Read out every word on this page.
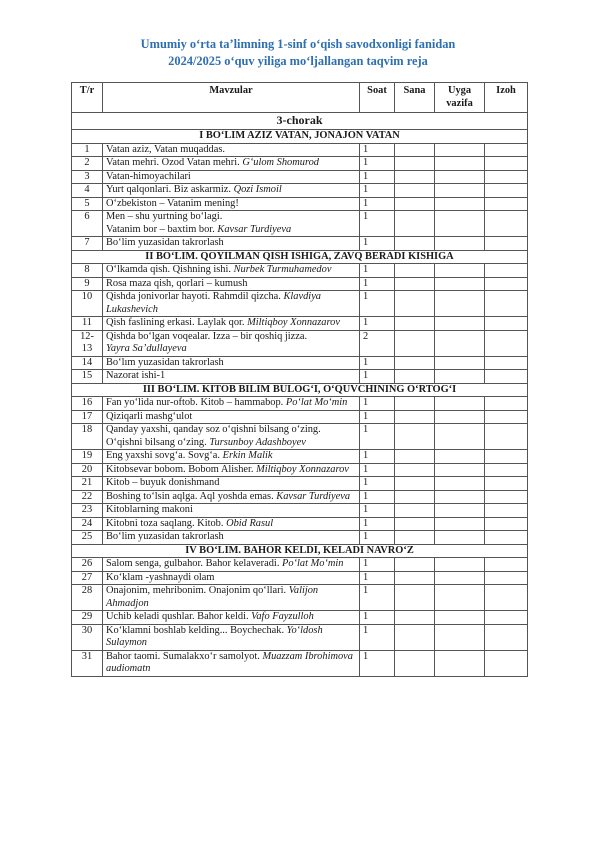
Umumiy oʻrta taʼlimning 1-sinf oʻqish savodxonligi fanidan
2024/2025 oʻquv yiliga moʻljallangan taqvim reja
T/r	Mavzular	Soat	Sana	Uyga vazifa	Izoh
3-chorak					
I BOʻLIM AZIZ VATAN, JONAJON VATAN					
1	Vatan aziz, Vatan muqaddas.	1			
2	Vatan mehri. Ozod Vatan mehri. Gʻulom Shomurod	1			
3	Vatan-himoyachilari	1			
4	Yurt qalqonlari. Biz askarmiz. Qozi Ismoil	1			
5	Oʻzbekiston – Vatanim mening!	1			
6	Men – shu yurtning boʻlagi.
Vatanim bor – baxtim bor. Kavsar Turdiyeva	1			
7	Boʻlim yuzasidan takrorlash	1			
II BOʻLIM. QOYILMAN QISH ISHIGA, ZAVQ BERADI KISHIGA					
8	Oʻlkamda qish. Qishning ishi. Nurbek Turmuhamedov	1			
9	Rosa maza qish, qorlari – kumush	1			
10	Qishda jonivorlar hayoti. Rahmdil qizcha. Klavdiya Lukashevich	1			
11	Qish faslining erkasi. Laylak qor. Miltiqboy Xonnazarov	1			
12-13	Qishda boʻlgan voqealar. Izza – bir qoshiq jizza.
Yayra Saʼdullayeva	2			
14	Boʻlım yuzasidan takrorlash	1			
15	Nazorat ishi-1	1			
III BOʻLIM. KITOB BILIM BULOGʻI, OʻQUVCHINING OʻRTOGʻI					
16	Fan yoʻlida nur-oftob. Kitob – hammabop. Poʻlat Moʻmin	1			
17	Qiziqarli mashgʻulot	1			
18	Qanday yaxshi, qanday soz oʻqishni bilsang oʻzing.
Oʻqishni bilsang oʻzing. Tursunboy Adashboyev	1			
19	Eng yaxshi sovgʻa. Sovgʻa. Erkin Malik	1			
20	Kitobsevar bobom. Bobom Alisher. Miltiqboy Xonnazarov	1			
21	Kitob – buyuk donishmand	1			
22	Boshing toʻlsin aqlga. Aql yoshda emas. Kavsar Turdiyeva	1			
23	Kitoblarning makoni	1			
24	Kitobni toza saqlang. Kitob. Obid Rasul	1			
25	Boʻlim yuzasidan takrorlash	1			
IV BOʻLIM. BAHOR KELDI, KELADI NAVROʻZ					
26	Salom senga, gulbahor. Bahor kelaveradi. Poʻlat Moʻmin	1			
27	Koʻklam -yashnaydi olam	1			
28	Onajonim, mehribonim. Onajonim qoʻllari. Valijon Ahmadjon	1			
29	Uchib keladi qushlar. Bahor keldi. Vafo Fayzulloh	1			
30	Koʻklamni boshlab kelding... Boychechak. Yoʻldosh Sulaymon	1			
31	Bahor taomi. Sumalakxoʻr samolyot. Muazzam Ibrohimova audiomatn	1			
